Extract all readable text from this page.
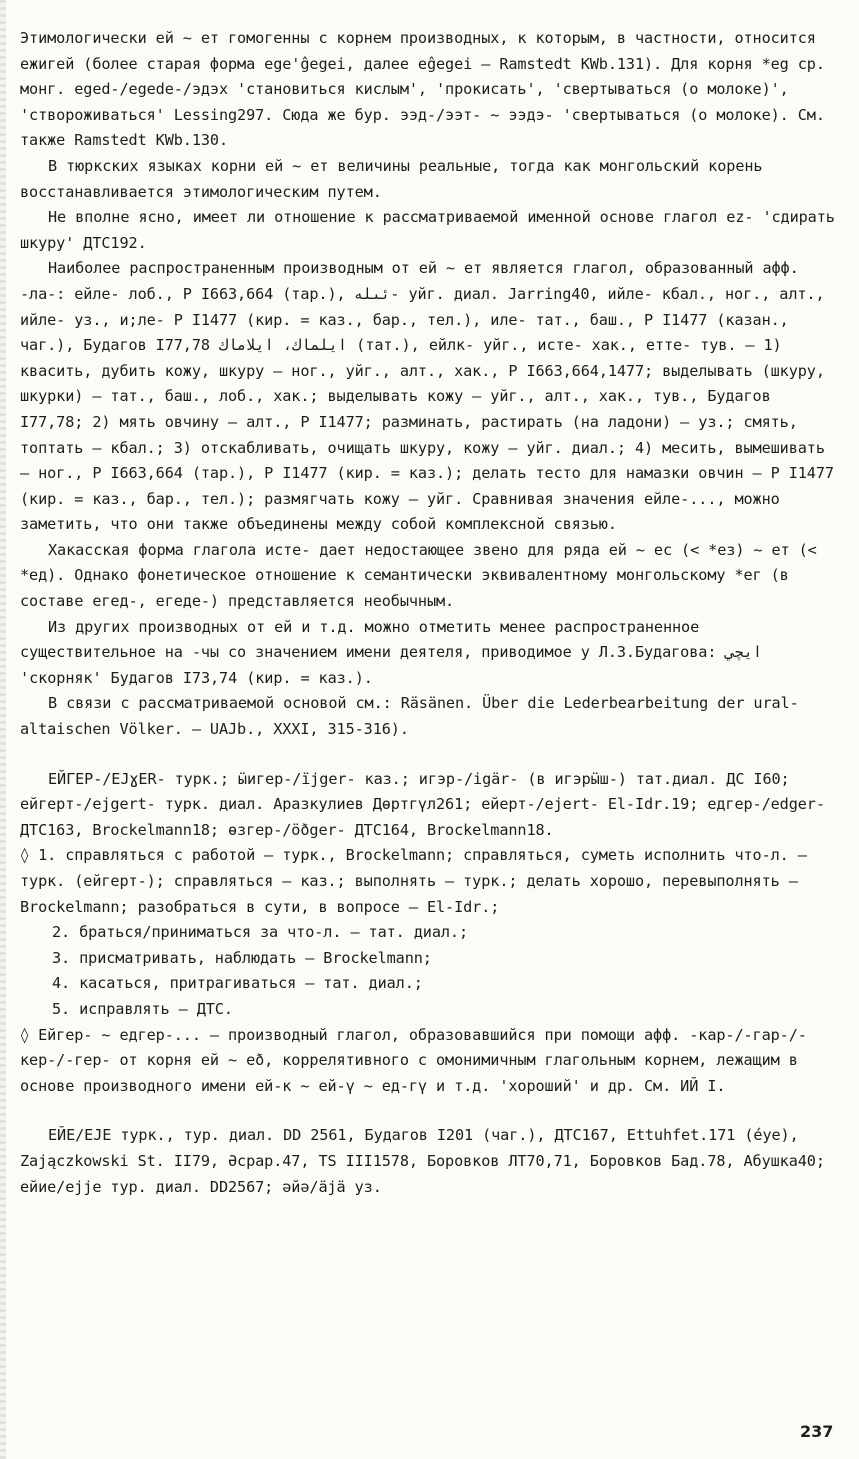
Этимологически ей ~ ет гомогенны с корнем производных, к которым, в частности, относится ежигей (более старая форма ege'ĝegei, далее eĝegei – Ramstedt KWb.131). Для корня *eg ср. монг. eged-/egede-/эдэх 'становиться кислым', 'прокисать', 'свертываться (о молоке)', 'створоживаться' Lessing297. Сюда же бур. ээд-/ээт- ~ ээдэ- 'свертываться (о молоке). См. также Ramstedt KWb.130.

В тюркских языках корни ей ~ ет величины реальные, тогда как монгольский корень восстанавливается этимологическим путем.

Не вполне ясно, имеет ли отношение к рассматриваемой именной основе глагол ez- 'сдирать шкуру' ДТС192.

Наиболее распространенным производным от ей ~ ет является глагол, образованный афф. -ла-: ейле- лоб., Р I663,664 (тар.), ئىلە- уйг. диал. Jarring40, ийле- кбал., ног., алт., ийле- уз., и;ле- Р I1477 (кир. = каз., бар., тел.), иле- тат., баш., Р I1477 (казан., чаг.), Будагов I77,78 ايلماك، ايلاماك (тат.), ейлк- уйг., исте- хак., етте- тув. – 1) квасить, дубить кожу, шкуру – ног., уйг., алт., хак., Р I663,664,1477; выделывать (шкуру, шкурки) – тат., баш., лоб., хак.; выделывать кожу – уйг., алт., хак., тув., Будагов I77,78; 2) мять овчину – алт., Р I1477; разминать, растирать (на ладони) – уз.; смять, топтать – кбал.; 3) отскабливать, очищать шкуру, кожу – уйг. диал.; 4) месить, вымешивать – ног., Р I663,664 (тар.), Р I1477 (кир. = каз.); делать тесто для намазки овчин – Р I1477 (кир. = каз., бар., тел.); размягчать кожу – уйг. Сравнивая значения ейле-..., можно заметить, что они также объединены между собой комплексной связью.

Хакасская форма глагола исте- дает недостающее звено для ряда ей ~ ес (< *ез) ~ ет (< *ед). Однако фонетическое отношение к семантически эквивалентному монгольскому *ег (в составе егед-, егеде-) представляется необычным.

Из других производных от ей и т.д. можно отметить менее распространенное существительное на -чы со значением имени деятеля, приводимое у Л.З.Будагова: ايچي 'скорняк' Будагов I73,74 (кир. = каз.).

В связи с рассматриваемой основой см.: Räsänen. Über die Lederbearbeitung der ural-altaischen Völker. – UAJb., XXXI, 315-316).

ЕЙГЕР-/EJɣER- турк.; ӹигер-/ïjger- каз.; игэр-/igär- (в игэрӹш-) тат.диал. ДС I60; ейгерт-/ejgert- турк. диал. Аразкулиев Дөртгүл261; ейерт-/ejert- El-Idr.19; едгер-/edger- ДТС163, Brockelmann18; өзгер-/öðger- ДТС164, Brockelmann18.

◊ 1. справляться с работой – турк., Brockelmann; справляться, суметь исполнить что-л. – турк. (ейгерт-); справляться – каз.; выполнять – турк.; делать хорошо, перевыполнять – Brockelmann; разобраться в сути, в вопросе – El-Idr.;

2. браться/приниматься за что-л. – тат. диал.;
3. присматривать, наблюдать – Brockelmann;
4. касаться, притрагиваться – тат. диал.;
5. исправлять – ДТС.

◊ Ейгер- ~ едгер-... – производный глагол, образовавшийся при помощи афф. -кар-/-гар-/-кер-/-гер- от корня ей ~ еð, коррелятивного с омонимичным глагольным корнем, лежащим в основе производного имени ей-к ~ ей-ү ~ ед-гү и т.д. 'хороший' и др. См. ИЙ I.

ЕЙЕ/EJE турк., тур. диал. DD 2561, Будагов I201 (чаг.), ДТС167, Ettuhfet.171 (éye), Zajączkowski St. II79, Әсрар.47, TS III1578, Боровков ЛТ70,71, Боровков Бад.78, Абушка40; ейие/ejje тур. диал. DD2567; әйә/äjä уз.

237
